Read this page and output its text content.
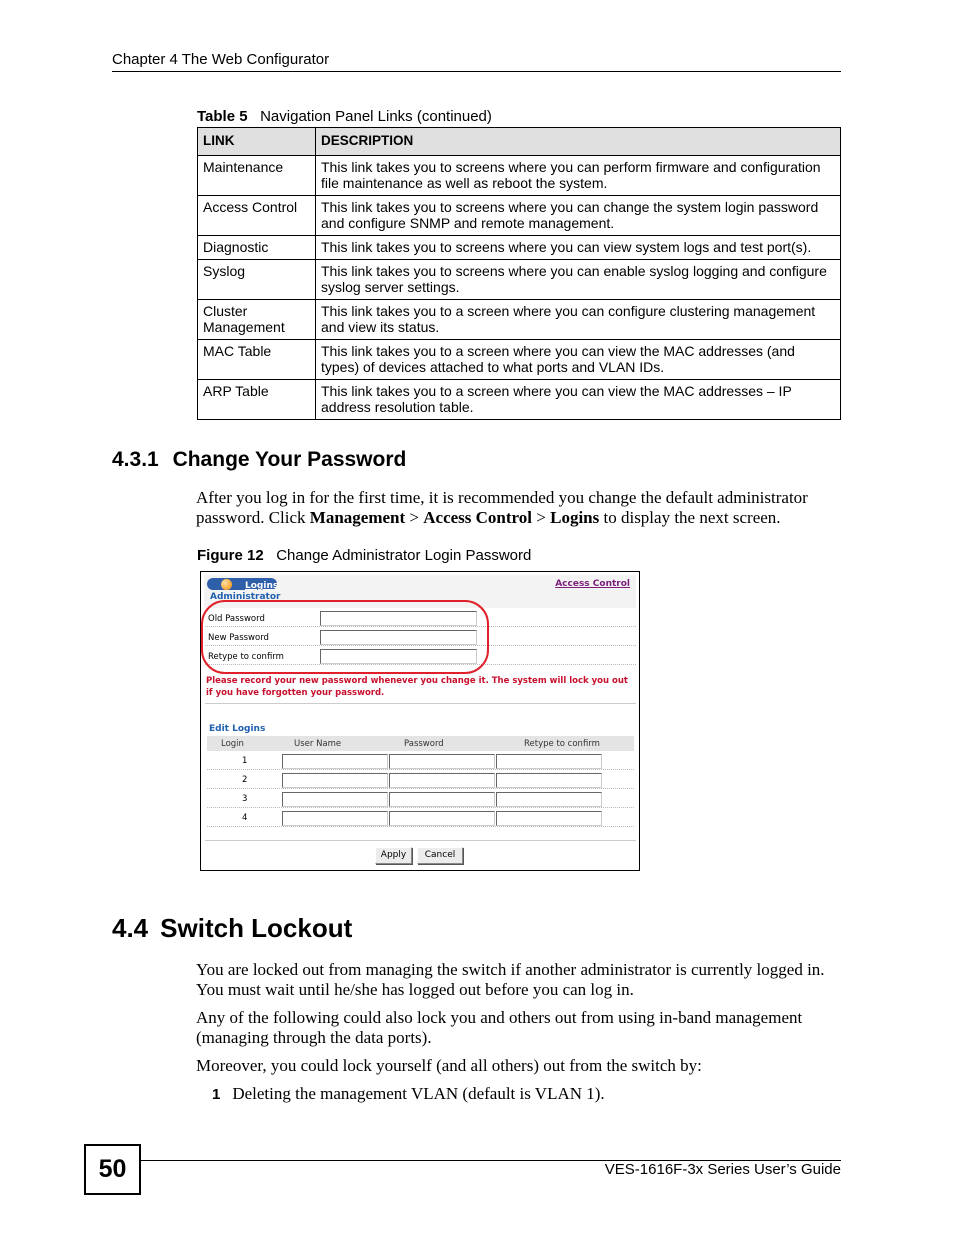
Chapter 4 The Web Configurator
Table 5 Navigation Panel Links (continued)
LINK	DESCRIPTION
Maintenance	This link takes you to screens where you can perform firmware and configuration file maintenance as well as reboot the system.
Access Control	This link takes you to screens where you can change the system login password and configure SNMP and remote management.
Diagnostic	This link takes you to screens where you can view system logs and test port(s).
Syslog	This link takes you to screens where you can enable syslog logging and configure syslog server settings.
Cluster Management	This link takes you to a screen where you can configure clustering management and view its status.
MAC Table	This link takes you to a screen where you can view the MAC addresses (and types) of devices attached to what ports and VLAN IDs.
ARP Table	This link takes you to a screen where you can view the MAC addresses – IP address resolution table.
4.3.1 Change Your Password
After you log in for the first time, it is recommended you change the default administrator password. Click Management > Access Control > Logins to display the next screen.
Figure 12 Change Administrator Login Password
Logins	Access Control
Administrator
Old Password
New Password
Retype to confirm
Please record your new password whenever you change it. The system will lock you out if you have forgotten your password.
Edit Logins
Login	User Name	Password	Retype to confirm
1
2
3
4
Apply	Cancel
4.4 Switch Lockout
You are locked out from managing the switch if another administrator is currently logged in. You must wait until he/she has logged out before you can log in.
Any of the following could also lock you and others out from using in-band management (managing through the data ports).
Moreover, you could lock yourself (and all others) out from the switch by:
1 Deleting the management VLAN (default is VLAN 1).
50	VES-1616F-3x Series User’s Guide
